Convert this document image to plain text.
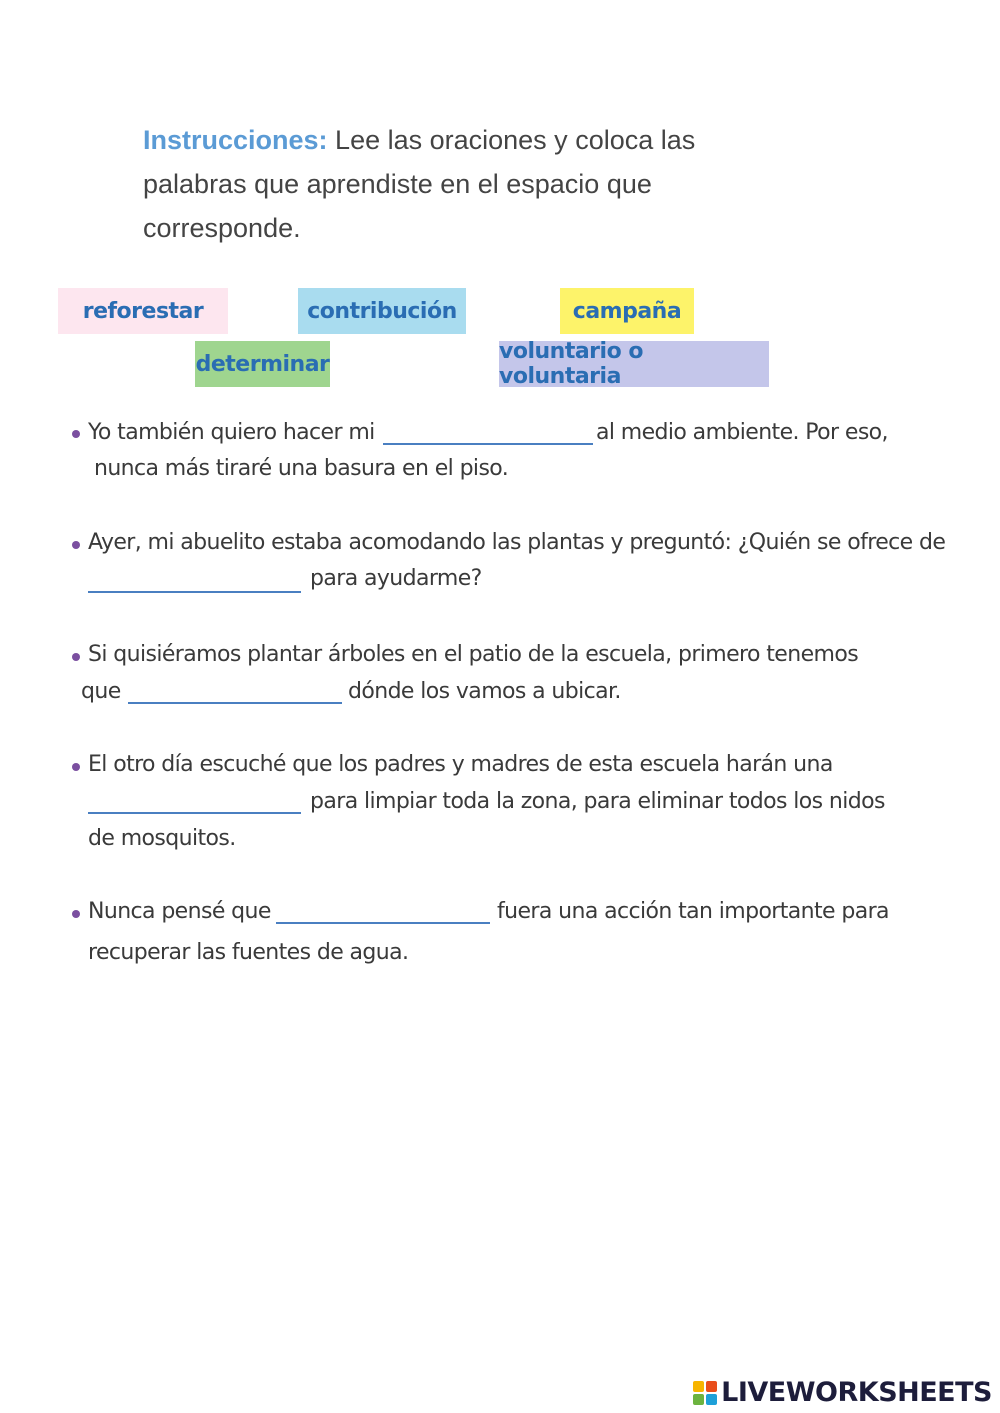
Instrucciones: Lee las oraciones y coloca las
palabras que aprendiste en el espacio que
corresponde.
reforestar	contribución	campaña
determinar	voluntario o voluntaria
Yo también quiero hacer mi	al medio ambiente. Por eso,
nunca más tiraré una basura en el piso.
Ayer, mi abuelito estaba acomodando las plantas y preguntó: ¿Quién se ofrece de
para ayudarme?
Si quisiéramos plantar árboles en el patio de la escuela, primero tenemos
que	dónde los vamos a ubicar.
El otro día escuché que los padres y madres de esta escuela harán una
para limpiar toda la zona, para eliminar todos los nidos
de mosquitos.
Nunca pensé que	fuera una acción tan importante para
recuperar las fuentes de agua.
LIVEWORKSHEETS
